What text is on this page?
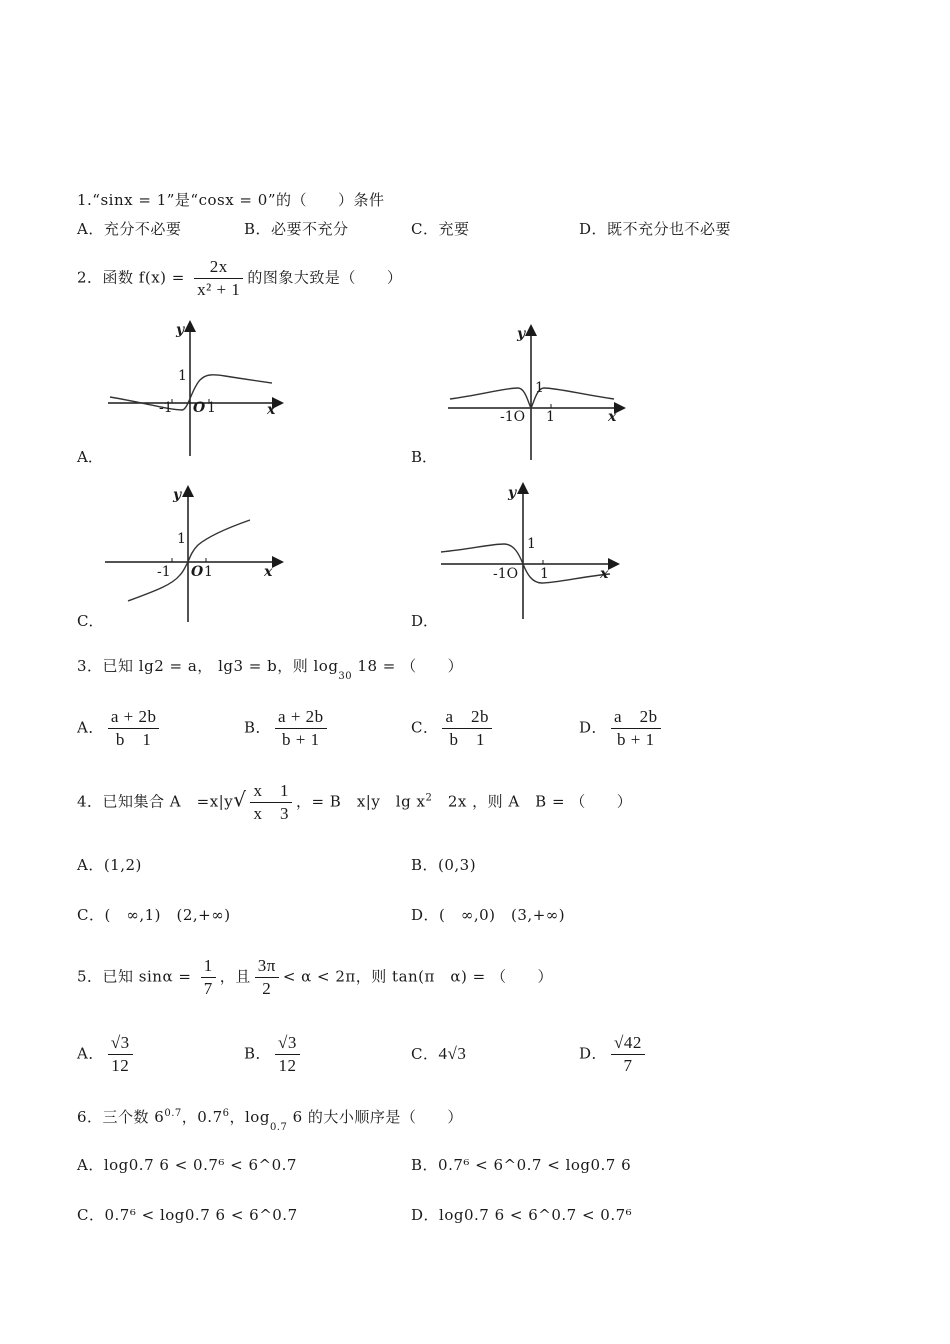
1.“sinx = 1”是“cosx = 0”的（　　）条件
A．充分不必要	B．必要不充分	C．充要	D．既不充分也不必要
2．函数 $f(x) = \frac{2x}{\text{x² + 1}}$ 的图象大致是（　　）
A．
y
x
1
-1 O 1
B．
y
x
1
-1O 1
C．
y
x
1
-1 O 1
D．
y
x
1
-1O 1
3．已知 lg2 = a， lg3 = b，则 $\log_{30} 18$ = （　　）
A． $\frac{a + 2b}{b 1}$	B． $\frac{a + 2b}{b + 1}$	C． $\frac{a 2b}{b 1}$	D． $\frac{a 2b}{b + 1}$
4．已知集合 A　$=x|y√ \frac{x 1}{x 3}$ ，= B　x|y　$\lg x^2$　2x ，则 A　B = （　　）
A．(1,2)	B．(0,3)
C．(　∞,1)　(2,+∞)	D．(　∞,0)　(3,+∞)
5．已知 $\sin\alpha = \frac{1}{7}$ ，且 $\frac{3\pi}{2} < \alpha < 2\pi$，则 tan(π　α) = （　　）
A． $\frac{√3}{12}$	B． $\frac{√3}{12}$	C．4√3	D． $\frac{√42}{7}$
6．三个数 $6^{0.7}$，$0.7^6$，$\log_{0.7} 6$ 的大小顺序是（　　）
A．log0.7 6 < 0.7⁶ < 6^0.7	B．0.7⁶ < 6^0.7 < log0.7 6
C．0.7⁶ < log0.7 6 < 6^0.7	D．log0.7 6 < 6^0.7 < 0.7⁶
